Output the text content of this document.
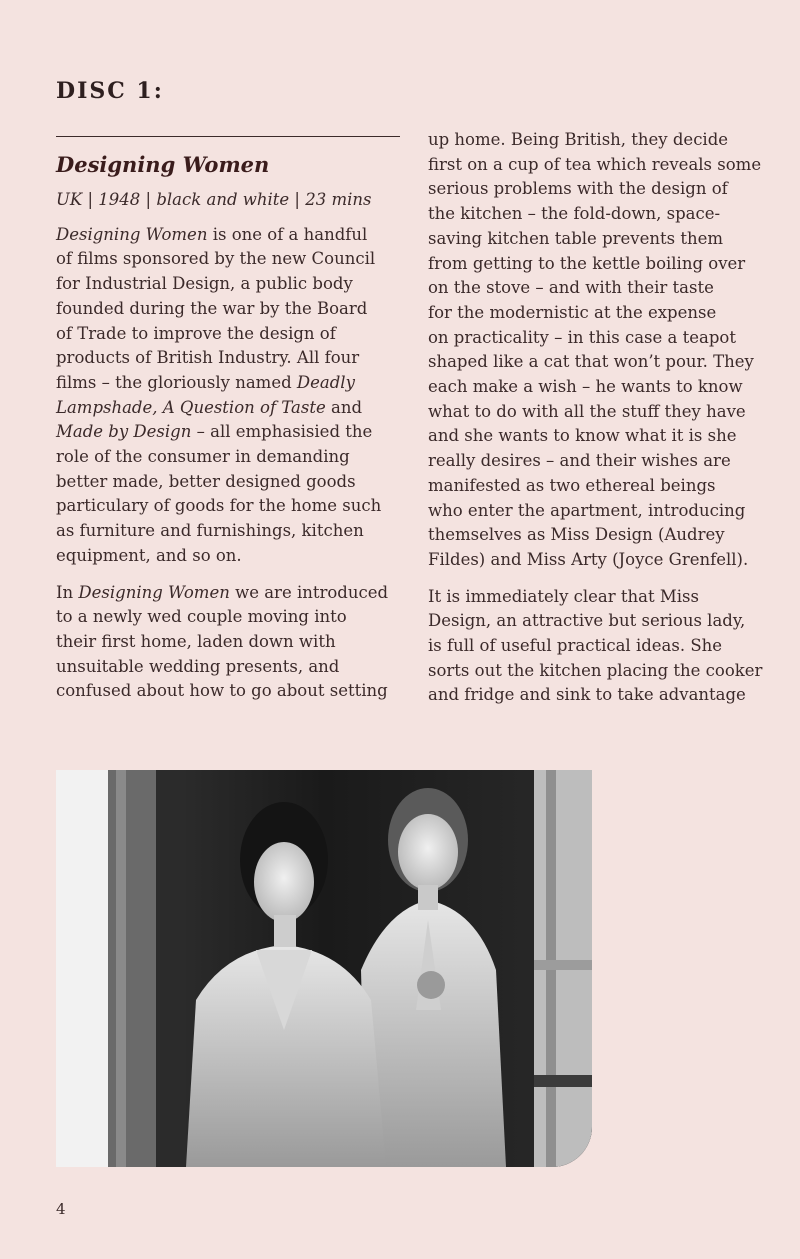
DISC 1:
Designing Women
UK | 1948 | black and white | 23 mins

Designing Women is one of a handful
of films sponsored by the new Council
for Industrial Design, a public body
founded during the war by the Board
of Trade to improve the design of
products of British Industry. All four
films – the gloriously named Deadly
Lampshade, A Question of Taste and
Made by Design – all emphasisied the
role of the consumer in demanding
better made, better designed goods
particulary of goods for the home such
as furniture and furnishings, kitchen
equipment, and so on.

In Designing Women we are introduced
to a newly wed couple moving into
their first home, laden down with
unsuitable wedding presents, and
confused about how to go about setting

up home. Being British, they decide
first on a cup of tea which reveals some
serious problems with the design of
the kitchen – the fold-down, space-
saving kitchen table prevents them
from getting to the kettle boiling over
on the stove – and with their taste
for the modernistic at the expense
on practicality – in this case a teapot
shaped like a cat that won’t pour. They
each make a wish – he wants to know
what to do with all the stuff they have
and she wants to know what it is she
really desires – and their wishes are
manifested as two ethereal beings
who enter the apartment, introducing
themselves as Miss Design (Audrey
Fildes) and Miss Arty (Joyce Grenfell).

It is immediately clear that Miss
Design, an attractive but serious lady,
is full of useful practical ideas. She
sorts out the kitchen placing the cooker
and fridge and sink to take advantage

4
